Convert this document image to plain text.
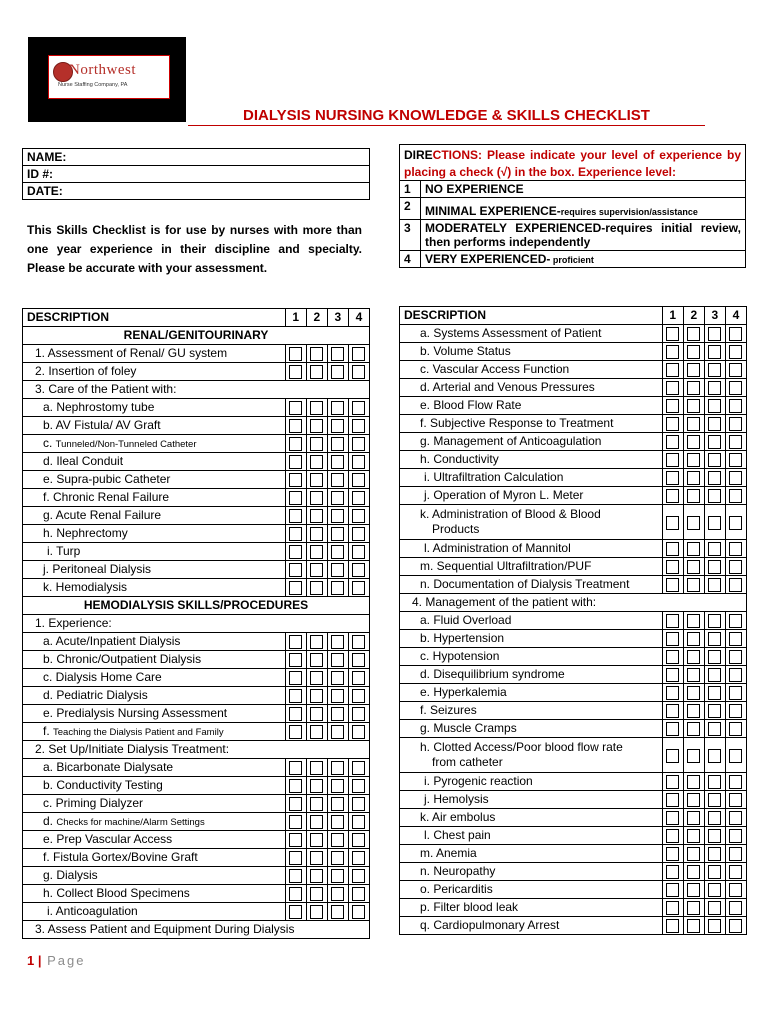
Northwest
Nurse Staffing Company, PA
DIALYSIS NURSING KNOWLEDGE & SKILLS CHECKLIST
NAME:
ID #:
DATE:
This Skills Checklist is for use by nurses with more than one year experience in their discipline and specialty. Please be accurate with your assessment.
DIRECTIONS: Please indicate your level of experience by placing a check (√) in the box. Experience level:
1	NO EXPERIENCE
2	MINIMAL EXPERIENCE-requires supervision/assistance
3	MODERATELY EXPERIENCED-requires initial review, then performs independently
4	VERY EXPERIENCED- proficient
DESCRIPTION	1	2	3	4
RENAL/GENITOURINARY				
1. Assessment of Renal/ GU system	

2. Insertion of foley	

3. Care of the Patient with:				
a. Nephrostomy tube	

b. AV Fistula/ AV Graft	

c. Tunneled/Non-Tunneled Catheter	

d. Ileal Conduit	

e. Supra-pubic Catheter	

f. Chronic Renal Failure	

g. Acute Renal Failure	

h. Nephrectomy	

i. Turp	

j. Peritoneal Dialysis	

k. Hemodialysis	

HEMODIALYSIS SKILLS/PROCEDURES				
1. Experience:				
a. Acute/Inpatient Dialysis	

b. Chronic/Outpatient Dialysis	

c. Dialysis Home Care	

d. Pediatric Dialysis	

e. Predialysis Nursing Assessment	

f. Teaching the Dialysis Patient and Family	

2. Set Up/Initiate Dialysis Treatment:				
a. Bicarbonate Dialysate	

b. Conductivity Testing	

c. Priming Dialyzer	

d. Checks for machine/Alarm Settings	

e. Prep Vascular Access	

f. Fistula Gortex/Bovine Graft	

g. Dialysis	

h. Collect Blood Specimens	

i. Anticoagulation	

3. Assess Patient and Equipment During Dialysis				
DESCRIPTION	1	2	3	4
a. Systems Assessment of Patient	

b. Volume Status	

c. Vascular Access Function	

d. Arterial and Venous Pressures	

e. Blood Flow Rate	

f. Subjective Response to Treatment	

g. Management of Anticoagulation	

h. Conductivity	

i. Ultrafiltration Calculation	

j. Operation of Myron L. Meter	

k. Administration of Blood & Blood
Products				

l. Administration of Mannitol	

m. Sequential Ultrafiltration/PUF	

n. Documentation of Dialysis Treatment	

4. Management of the patient with:				
a. Fluid Overload	

b. Hypertension	

c. Hypotension	

d. Disequilibrium syndrome	

e. Hyperkalemia	

f. Seizures	

g. Muscle Cramps	

h. Clotted Access/Poor blood flow rate
from catheter				

i. Pyrogenic reaction	

j. Hemolysis	

k. Air embolus	

l. Chest pain	

m. Anemia	

n. Neuropathy	

o. Pericarditis	

p. Filter blood leak	

q. Cardiopulmonary Arrest	

1 | Page
